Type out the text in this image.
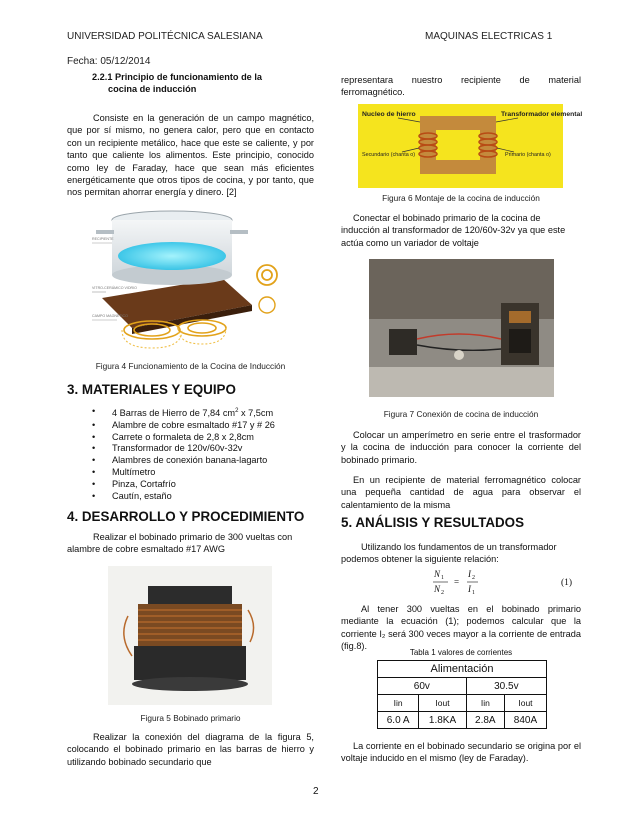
UNIVERSIDAD POLITÉCNICA SALESIANA	MAQUINAS ELECTRICAS 1
Fecha: 05/12/2014
2.2.1 Principio de funcionamiento de la
cocina de inducción
Consiste en la generación de un campo magnético, que por sí mismo, no genera calor, pero que en contacto con un recipiente metálico, hace que este se caliente, y por tanto que caliente los alimentos. Este principio, conocido como ley de Faraday, hace que sean más eficientes energéticamente que otros tipos de cocina, y por tanto, que nos permitan ahorrar energía y dinero. [2]
RECIPIENTE
VITRO-CERÁMICO VIDRIO
CAMPO MAGNÉTICO
Figura 4 Funcionamiento de la Cocina de Inducción
3. MATERIALES Y EQUIPO
• 4 Barras de Hierro de 7,84 $cm^2$ x 7,5cm
• Alambre de cobre esmaltado #17 y # 26
• Carrete o formaleta de 2,8 x 2,8cm
• Transformador de 120v/60v-32v
• Alambres de conexión banana-lagarto
• Multímetro
• Pinza, Cortafrío
• Cautín, estaño
4. DESARROLLO Y PROCEDIMIENTO
Realizar el bobinado primario de 300 vueltas con alambre de cobre esmaltado #17 AWG
Figura 5 Bobinado primario
Realizar la conexión del diagrama de la figura 5, colocando el bobinado primario en las barras de hierro y utilizando bobinado secundario que
representara nuestro recipiente de material ferromagnético.
Nucleo de hierro	Transformador elemental
Secundario (chanta o)	Primario (chanta o)
Figura 6 Montaje de la cocina de inducción
Conectar el bobinado primario de la cocina de inducción al transformador de 120/60v-32v ya que este actúa como un variador de voltaje
Figura 7 Conexión de cocina de inducción
Colocar un amperímetro en serie entre el trasformador y la cocina de inducción para conocer la corriente del bobinado primario.
En un recipiente de material ferromagnético colocar una pequeña cantidad de agua para observar el calentamiento de la misma
5. ANÁLISIS Y RESULTADOS
Utilizando los fundamentos de un transformador podemos obtener la siguiente relación:
N 1
N 2
=
I 2
I 1
(1)
Al tener 300 vueltas en el bobinado primario mediante la ecuación (1); podemos calcular que la corriente I₂ será 300 veces mayor a la corriente de entrada (fig.8).
Tabla 1 valores de corrientes
Alimentación			
60v		30.5v	
Iin	Iout	Iin	Iout
6.0 A	1.8KA	2.8A	840A
La corriente en el bobinado secundario se origina por el voltaje inducido en el mismo (ley de Faraday).
2
